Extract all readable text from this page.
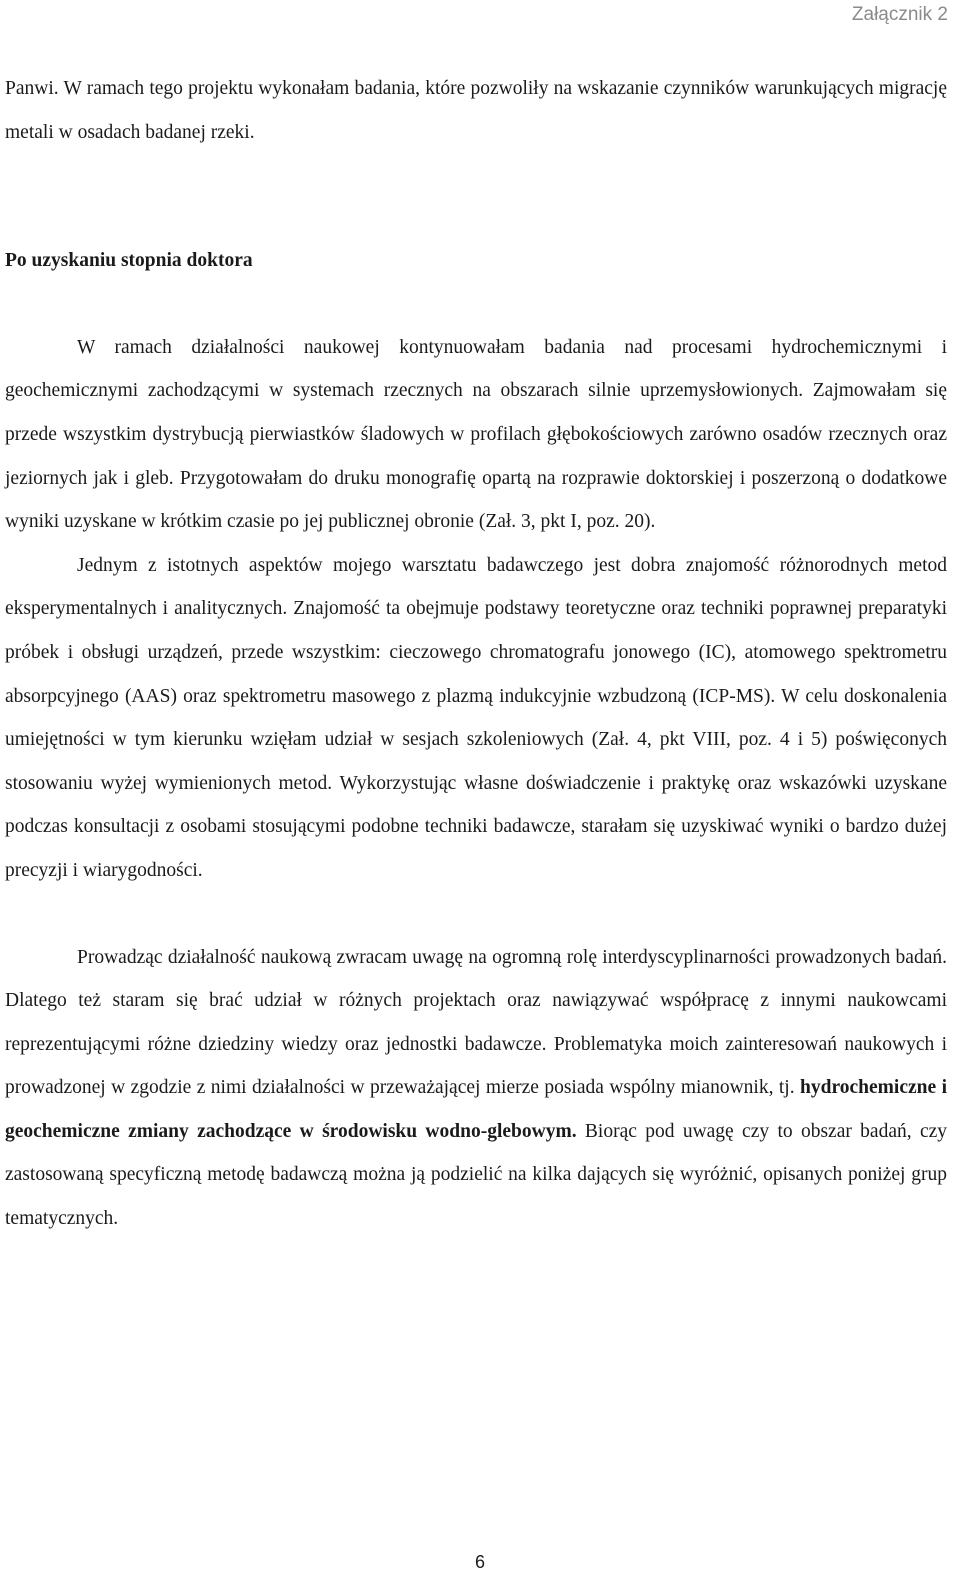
Załącznik 2

Panwi. W ramach tego projektu wykonałam badania, które pozwoliły na wskazanie czynników warunkujących migrację metali w osadach badanej rzeki.

Po uzyskaniu stopnia doktora

W ramach działalności naukowej kontynuowałam badania nad procesami hydrochemicznymi i geochemicznymi zachodzącymi w systemach rzecznych na obszarach silnie uprzemysłowionych. Zajmowałam się przede wszystkim dystrybucją pierwiastków śladowych w profilach głębokościowych zarówno osadów rzecznych oraz jeziornych jak i gleb. Przygotowałam do druku monografię opartą na rozprawie doktorskiej i poszerzoną o dodatkowe wyniki uzyskane w krótkim czasie po jej publicznej obronie (Zał. 3, pkt I, poz. 20).

Jednym z istotnych aspektów mojego warsztatu badawczego jest dobra znajomość różnorodnych metod eksperymentalnych i analitycznych. Znajomość ta obejmuje podstawy teoretyczne oraz techniki poprawnej preparatyki próbek i obsługi urządzeń, przede wszystkim: cieczowego chromatografu jonowego (IC), atomowego spektrometru absorpcyjnego (AAS) oraz spektrometru masowego z plazmą indukcyjnie wzbudzoną (ICP-MS). W celu doskonalenia umiejętności w tym kierunku wzięłam udział w sesjach szkoleniowych (Zał. 4, pkt VIII, poz. 4 i 5) poświęconych stosowaniu wyżej wymienionych metod. Wykorzystując własne doświadczenie i praktykę oraz wskazówki uzyskane podczas konsultacji z osobami stosującymi podobne techniki badawcze, starałam się uzyskiwać wyniki o bardzo dużej precyzji i wiarygodności.

Prowadząc działalność naukową zwracam uwagę na ogromną rolę interdyscyplinarności prowadzonych badań. Dlatego też staram się brać udział w różnych projektach oraz nawiązywać współpracę z innymi naukowcami reprezentującymi różne dziedziny wiedzy oraz jednostki badawcze. Problematyka moich zainteresowań naukowych i prowadzonej w zgodzie z nimi działalności w przeważającej mierze posiada wspólny mianownik, tj. hydrochemiczne i geochemiczne zmiany zachodzące w środowisku wodno-glebowym. Biorąc pod uwagę czy to obszar badań, czy zastosowaną specyficzną metodę badawczą można ją podzielić na kilka dających się wyróżnić, opisanych poniżej grup tematycznych.

6
